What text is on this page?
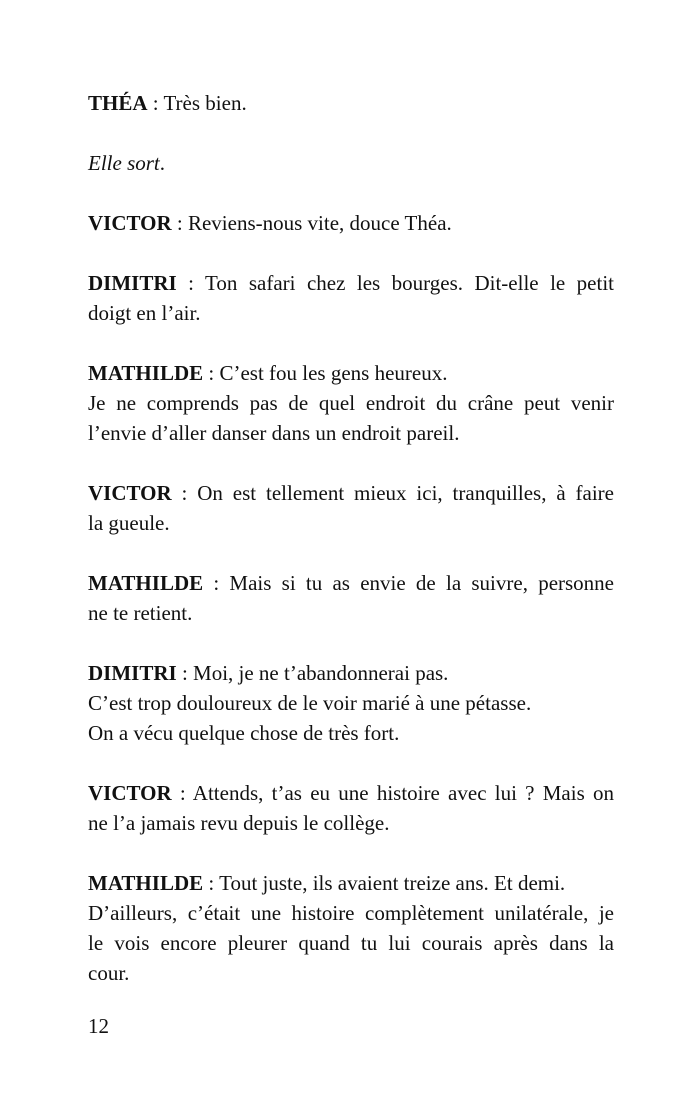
THÉA : Très bien.

Elle sort.

VICTOR : Reviens-nous vite, douce Théa.

DIMITRI : Ton safari chez les bourges. Dit-elle le petit
doigt en l’air.

MATHILDE : C’est fou les gens heureux.
Je ne comprends pas de quel endroit du crâne peut venir
l’envie d’aller danser dans un endroit pareil.

VICTOR : On est tellement mieux ici, tranquilles, à faire
la gueule.

MATHILDE : Mais si tu as envie de la suivre, personne
ne te retient.

DIMITRI : Moi, je ne t’abandonnerai pas.
C’est trop douloureux de le voir marié à une pétasse.
On a vécu quelque chose de très fort.

VICTOR : Attends, t’as eu une histoire avec lui ? Mais on
ne l’a jamais revu depuis le collège.

MATHILDE : Tout juste, ils avaient treize ans. Et demi.
D’ailleurs, c’était une histoire complètement unilatérale, je
le vois encore pleurer quand tu lui courais après dans la
cour.

12
